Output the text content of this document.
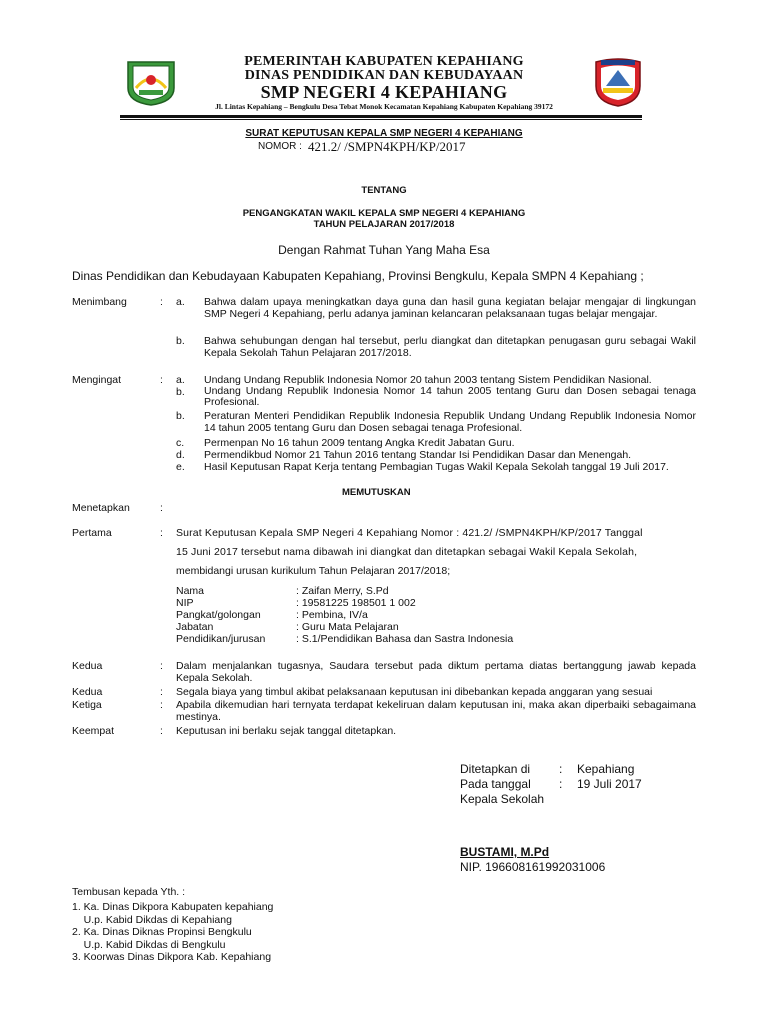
PEMERINTAH KABUPATEN KEPAHIANG
DINAS PENDIDIKAN DAN KEBUDAYAAN
SMP NEGERI 4 KEPAHIANG
Jl. Lintas Kepahiang – Bengkulu Desa Tebat Monok Kecamatan Kepahiang Kabupaten Kepahiang 39172
SURAT KEPUTUSAN KEPALA SMP NEGERI 4 KEPAHIANG
NOMOR : 421.2/ /SMPN4KPH/KP/2017
TENTANG
PENGANGKATAN WAKIL KEPALA SMP NEGERI 4 KEPAHIANG
TAHUN PELAJARAN 2017/2018
Dengan Rahmat Tuhan Yang Maha Esa
Dinas Pendidikan dan Kebudayaan Kabupaten Kepahiang, Provinsi Bengkulu, Kepala SMPN 4 Kepahiang ;
Menimbang	: a. Bahwa dalam upaya meningkatkan daya guna dan hasil guna kegiatan belajar mengajar di lingkungan SMP Negeri 4 Kepahiang, perlu adanya jaminan kelancaran pelaksanaan tugas belajar mengajar.
b. Bahwa sehubungan dengan hal tersebut, perlu diangkat dan ditetapkan penugasan guru sebagai Wakil Kepala Sekolah Tahun Pelajaran 2017/2018.
Mengingat	: a. Undang Undang Republik Indonesia Nomor 20 tahun 2003 tentang Sistem Pendidikan Nasional.
b. Undang Undang Republik Indonesia Nomor 14 tahun 2005 tentang Guru dan Dosen sebagai tenaga Profesional.
b. Peraturan Menteri Pendidikan Republik Indonesia Republik Undang Undang Republik Indonesia Nomor 14 tahun 2005 tentang Guru dan Dosen sebagai tenaga Profesional.
c. Permenpan No 16 tahun 2009 tentang Angka Kredit Jabatan Guru.
d. Permendikbud Nomor 21 Tahun 2016 tentang Standar Isi Pendidikan Dasar dan Menengah.
e. Hasil Keputusan Rapat Kerja tentang Pembagian Tugas Wakil Kepala Sekolah tanggal 19 Juli 2017.
MEMUTUSKAN
Menetapkan	:
Pertama	: Surat Keputusan Kepala SMP Negeri 4 Kepahiang Nomor : 421.2/ /SMPN4KPH/KP/2017 Tanggal
15 Juni 2017 tersebut nama dibawah ini diangkat dan ditetapkan sebagai Wakil Kepala Sekolah,
membidangi urusan kurikulum Tahun Pelajaran 2017/2018;
Nama	: Zaifan Merry, S.Pd
NIP	: 19581225 198501 1 002
Pangkat/golongan	: Pembina, IV/a
Jabatan	: Guru Mata Pelajaran
Pendidikan/jurusan	: S.1/Pendidikan Bahasa dan Sastra Indonesia
Kedua	: Dalam menjalankan tugasnya, Saudara tersebut pada diktum pertama diatas bertanggung jawab kepada Kepala Sekolah.
Kedua	: Segala biaya yang timbul akibat pelaksanaan keputusan ini dibebankan kepada anggaran yang sesuai
Ketiga	: Apabila dikemudian hari ternyata terdapat kekeliruan dalam keputusan ini, maka akan diperbaiki sebagaimana mestinya.
Keempat	: Keputusan ini berlaku sejak tanggal ditetapkan.
Ditetapkan di : Kepahiang
Pada tanggal : 19 Juli 2017
Kepala Sekolah
BUSTAMI, M.Pd
NIP. 196608161992031006
Tembusan kepada Yth. :
1. Ka. Dinas Dikpora Kabupaten kepahiang
U.p. Kabid Dikdas di Kepahiang
2. Ka. Dinas Diknas Propinsi Bengkulu
U.p. Kabid Dikdas di Bengkulu
3. Koorwas Dinas Dikpora Kab. Kepahiang
